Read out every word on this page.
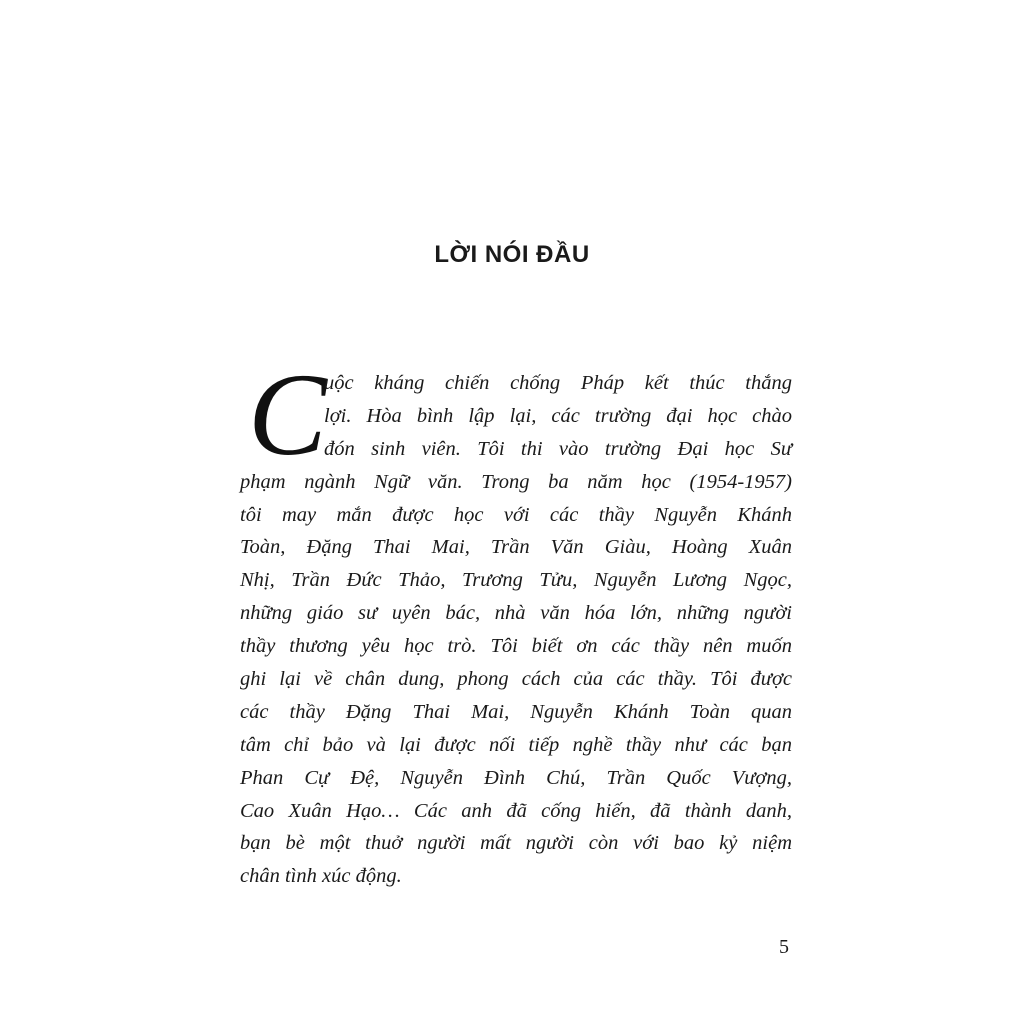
LỜI NÓI ĐẦU
C
uộc kháng chiến chống Pháp kết thúc thắng
lợi. Hòa bình lập lại, các trường đại học chào
đón sinh viên. Tôi thi vào trường Đại học Sư
phạm ngành Ngữ văn. Trong ba năm học (1954-1957)
tôi may mắn được học với các thầy Nguyễn Khánh
Toàn, Đặng Thai Mai, Trần Văn Giàu, Hoàng Xuân
Nhị, Trần Đức Thảo, Trương Tửu, Nguyễn Lương Ngọc,
những giáo sư uyên bác, nhà văn hóa lớn, những người
thầy thương yêu học trò. Tôi biết ơn các thầy nên muốn
ghi lại về chân dung, phong cách của các thầy. Tôi được
các thầy Đặng Thai Mai, Nguyễn Khánh Toàn quan
tâm chỉ bảo và lại được nối tiếp nghề thầy như các bạn
Phan Cự Đệ, Nguyễn Đình Chú, Trần Quốc Vượng,
Cao Xuân Hạo… Các anh đã cống hiến, đã thành danh,
bạn bè một thuở người mất người còn với bao kỷ niệm
chân tình xúc động.
5
